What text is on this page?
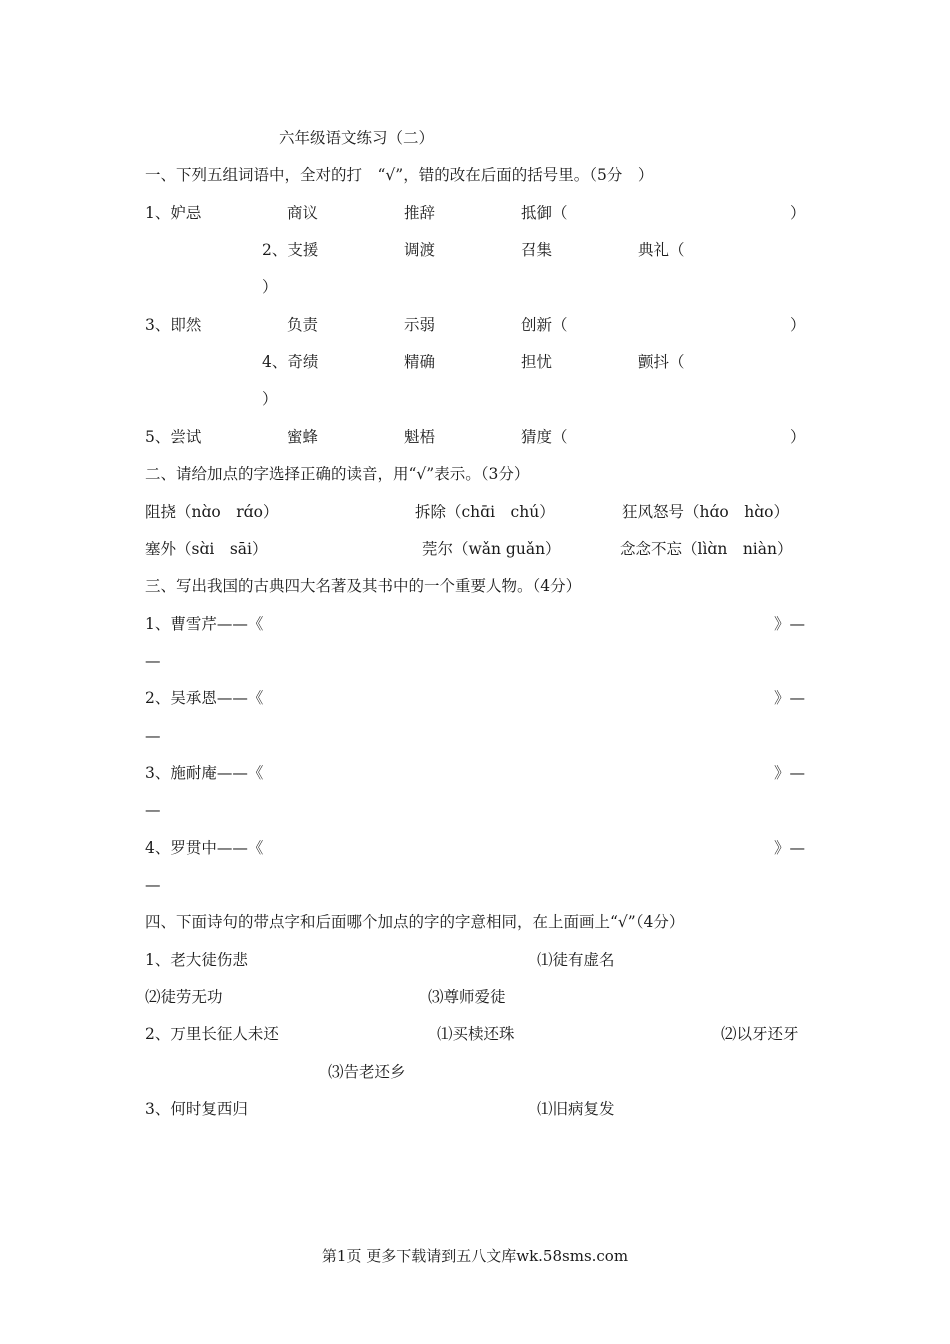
六年级语文练习（二）
一、下列五组词语中，全对的打　“√”，错的改在后面的括号里。（5分　）
1、妒忌	商议	推辞	抵御（	）
2、支援	调渡	召集	典礼（
）
3、即然	负责	示弱	创新（	）
4、奇绩	精确	担忧	颤抖（
）
5、尝试	蜜蜂	魁梧	猜度（	）
二、请给加点的字选择正确的读音，用“√”表示。（3分）
阻挠（nɑ̀o　rɑ́o）	拆除（chɑ̄i　chú）	狂风怒号（hɑ́o　hɑ̀o）
塞外（sɑ̀i　sāi）	莞尔（wǎn guǎn）	念念不忘（lìɑ̀n　niàn）
三、写出我国的古典四大名著及其书中的一个重要人物。（4分）
1、曹雪芹——《	》—
—
2、吴承恩——《	》—
—
3、施耐庵——《	》—
—
4、罗贯中——《	》—
—
四、下面诗句的带点字和后面哪个加点的字的字意相同，在上面画上“√”（4分）
1、老大徒伤悲	⑴徒有虚名
⑵徒劳无功	⑶尊师爱徒
2、万里长征人未还	⑴买椟还珠	⑵以牙还牙
⑶告老还乡
3、何时复西归	⑴旧病复发
第1页 更多下载请到五八文库wk.58sms.com
